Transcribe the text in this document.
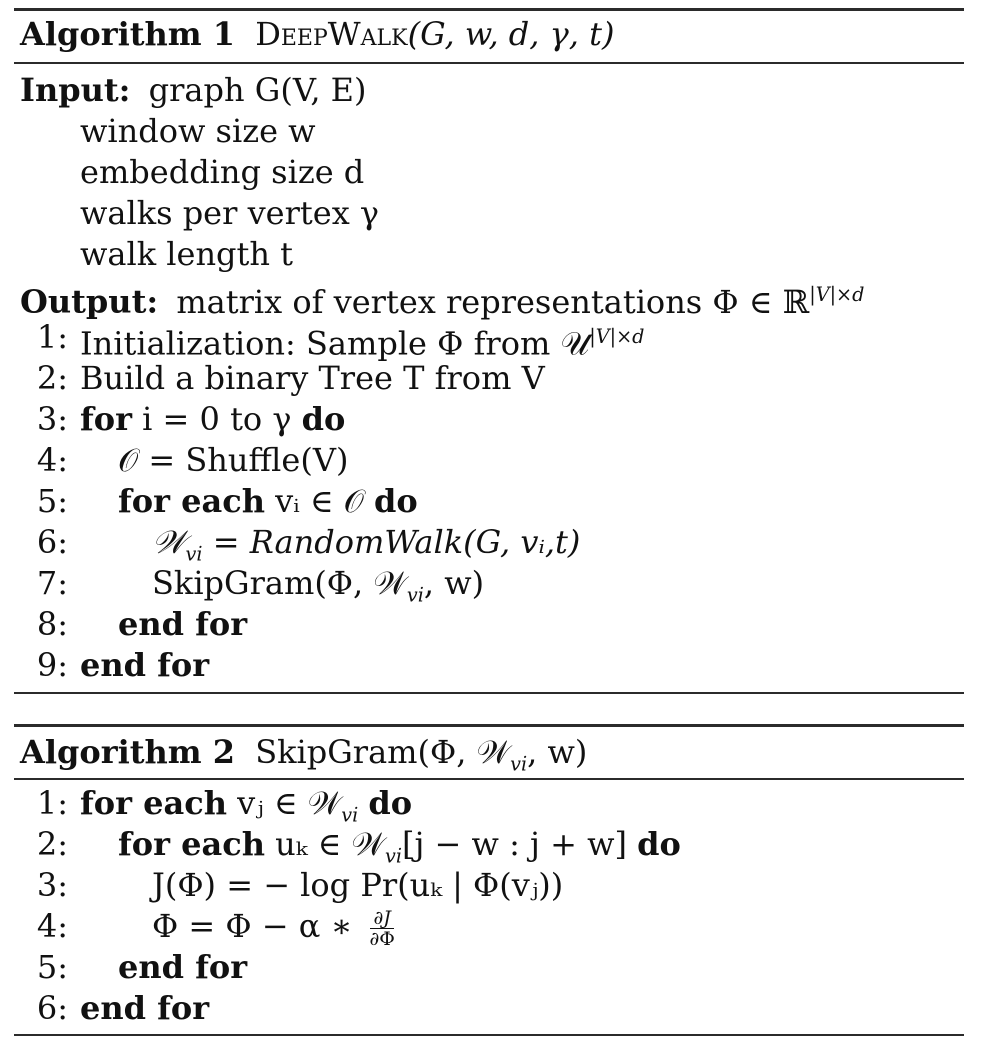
Algorithm 1 DeepWalk(G, w, d, γ, t)
Input: graph G(V, E)
window size w
embedding size d
walks per vertex γ
walk length t
Output: matrix of vertex representations Φ ∈ ℝ$^{|V|\times d}$
1: Initialization: Sample Φ from 𝒰$^{|V|\times d}$
2: Build a binary Tree T from V
3: for i = 0 to γ do
4: 𝒪 = Shuffle(V)
5: for each vᵢ ∈ 𝒪 do
6:	𝒲$_{vi}$ = RandomWalk(G, vᵢ,t)
7:	SkipGram(Φ, 𝒲$_{vi}$, w)
8: end for
9: end for
Algorithm 2 SkipGram(Φ, 𝒲$_{vi}$, w)
1: for each vⱼ ∈ 𝒲$_{vi}$ do
2: for each uₖ ∈ 𝒲$_{vi}$[j − w : j + w] do
3:	J(Φ) = − log Pr(uₖ | Φ(vⱼ))
4:	Φ = Φ − α ∗ $\frac{\partial J}{\partial\Phi}$
5: end for
6: end for
